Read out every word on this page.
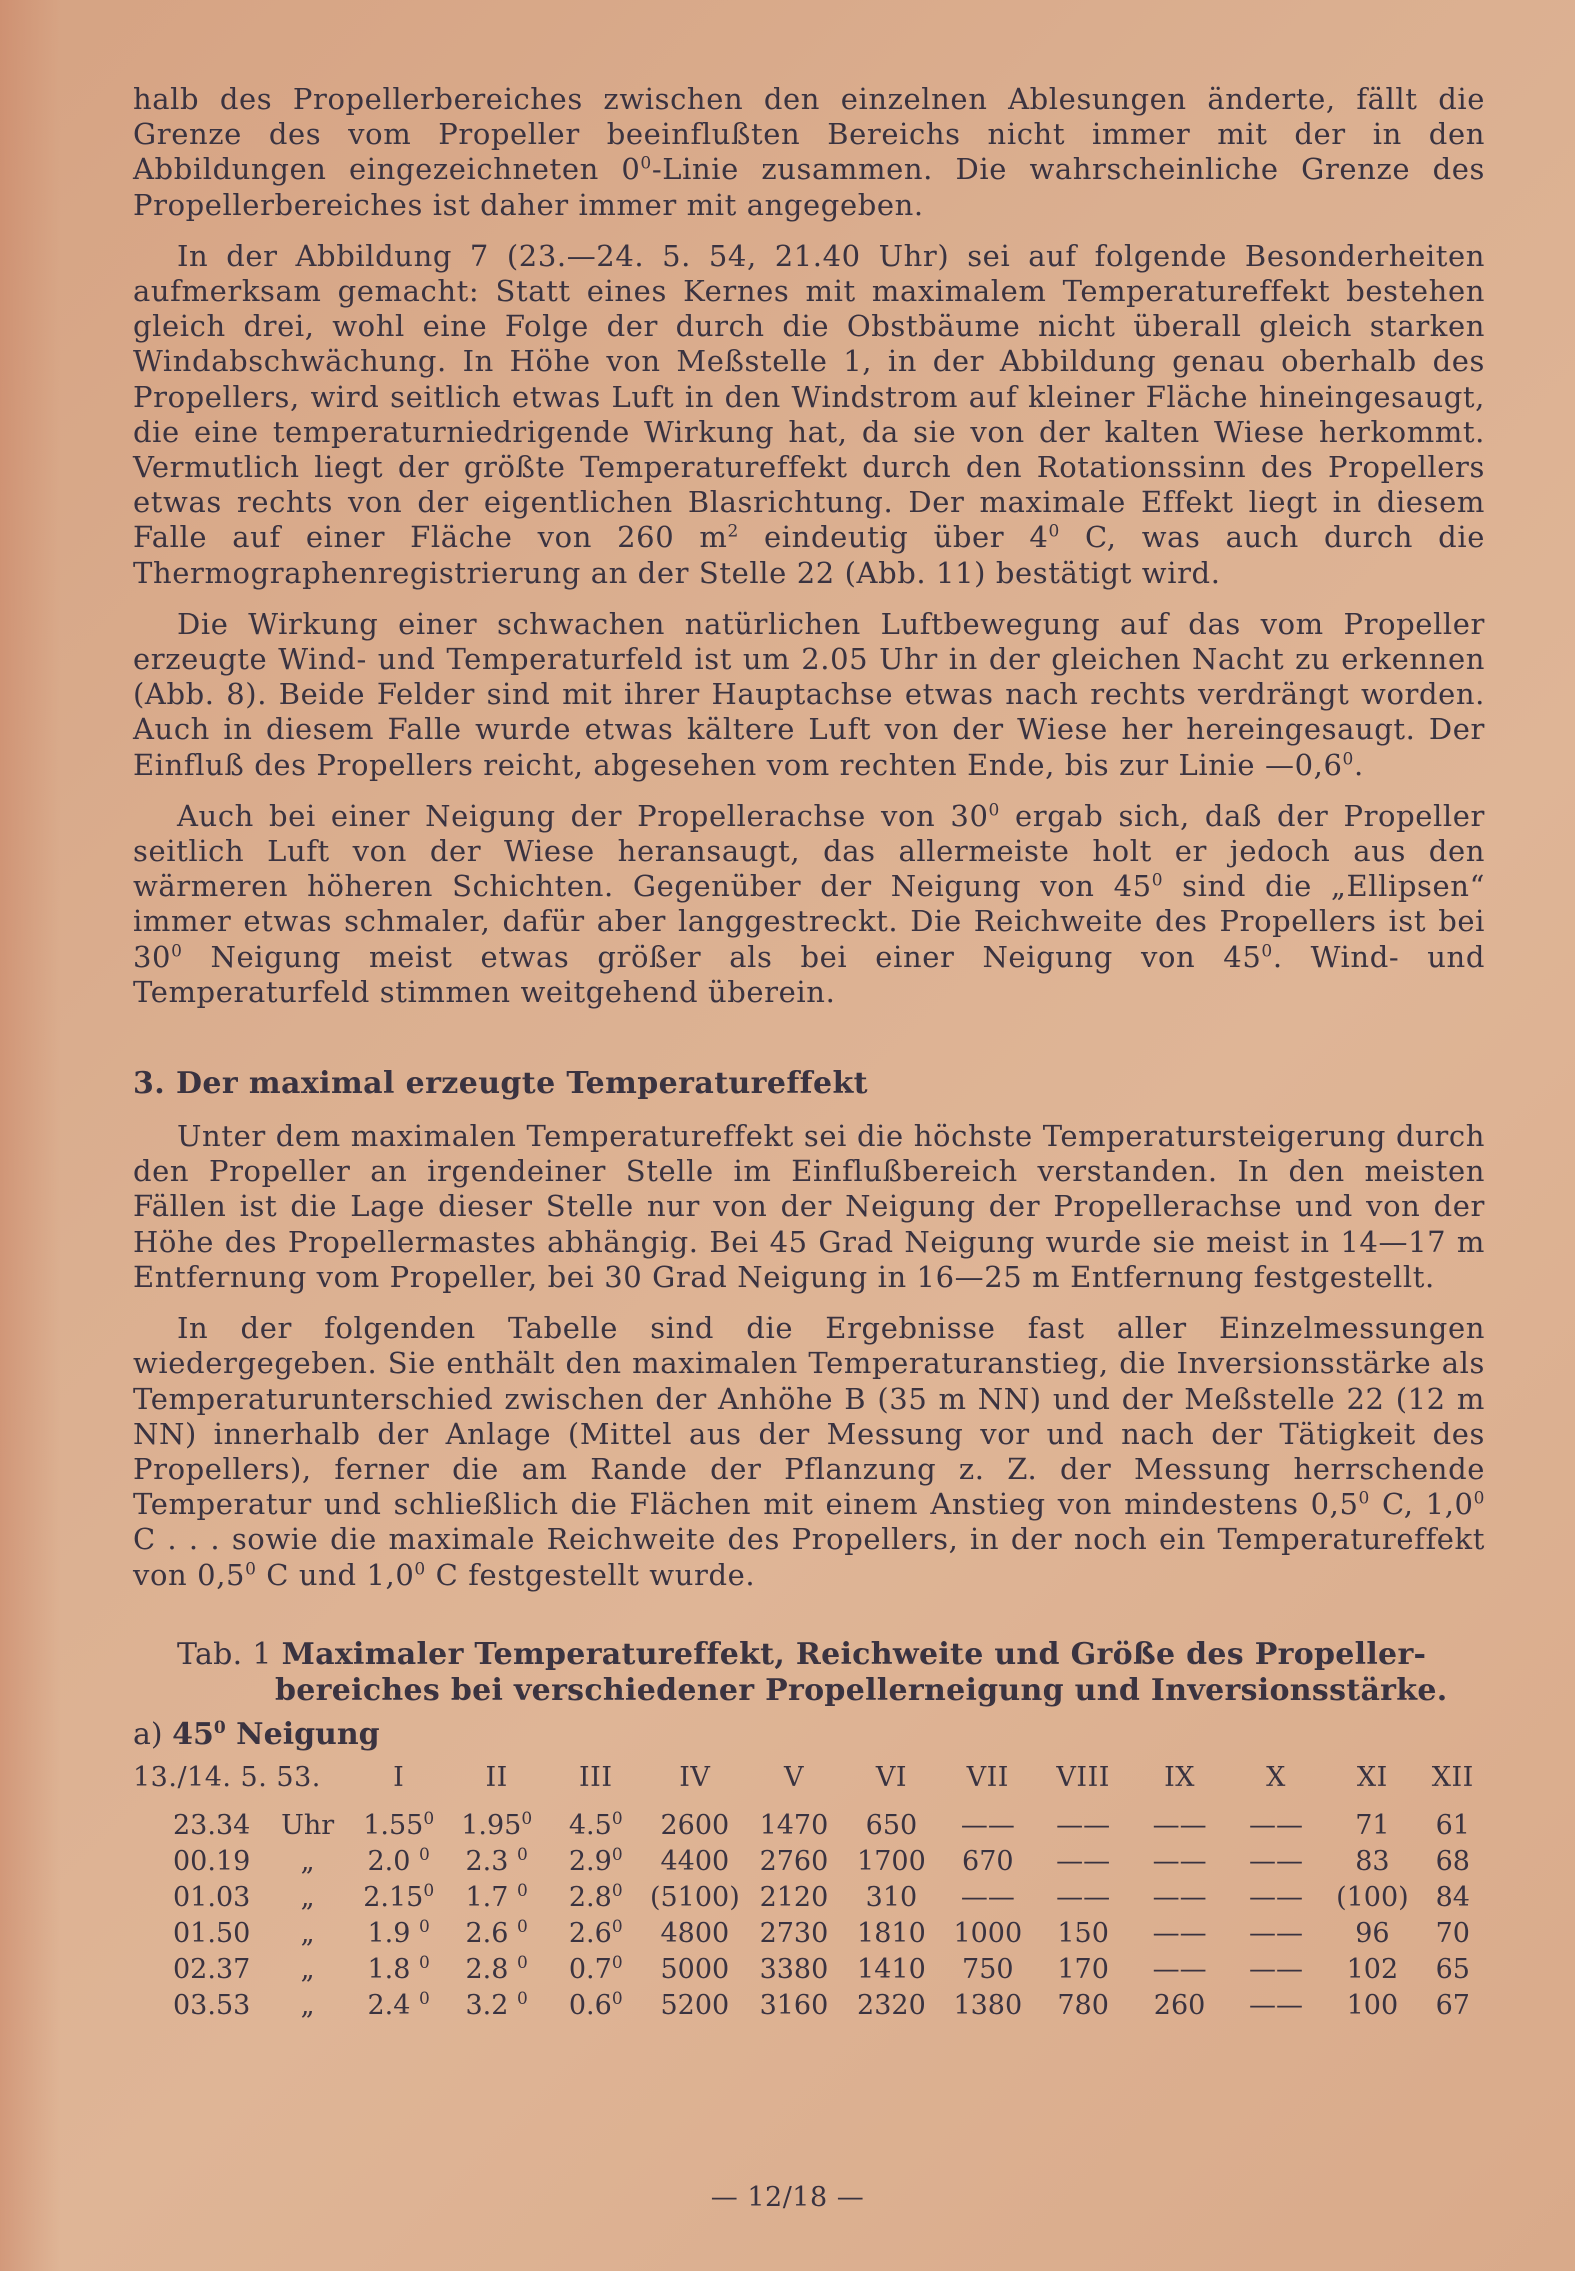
halb des Propellerbereiches zwischen den einzelnen Ablesungen änderte, fällt die Grenze des vom Propeller beeinflußten Bereichs nicht immer mit der in den Abbildungen eingezeichneten $0^0$-Linie zusammen. Die wahrscheinliche Grenze des Propellerbereiches ist daher immer mit angegeben.

In der Abbildung 7 (23.—24. 5. 54, 21.40 Uhr) sei auf folgende Besonderheiten aufmerksam gemacht: Statt eines Kernes mit maximalem Temperatureffekt bestehen gleich drei, wohl eine Folge der durch die Obstbäume nicht überall gleich starken Windabschwächung. In Höhe von Meßstelle 1, in der Abbildung genau oberhalb des Propellers, wird seitlich etwas Luft in den Windstrom auf kleiner Fläche hineingesaugt, die eine temperaturniedrigende Wirkung hat, da sie von der kalten Wiese herkommt. Vermutlich liegt der größte Temperatureffekt durch den Rotationssinn des Propellers etwas rechts von der eigentlichen Blasrichtung. Der maximale Effekt liegt in diesem Falle auf einer Fläche von 260 $m^2$ eindeutig über $4^0$ C, was auch durch die Thermographenregistrierung an der Stelle 22 (Abb. 11) bestätigt wird.

Die Wirkung einer schwachen natürlichen Luftbewegung auf das vom Propeller erzeugte Wind- und Temperaturfeld ist um 2.05 Uhr in der gleichen Nacht zu erkennen (Abb. 8). Beide Felder sind mit ihrer Hauptachse etwas nach rechts verdrängt worden. Auch in diesem Falle wurde etwas kältere Luft von der Wiese her hereingesaugt. Der Einfluß des Propellers reicht, abgesehen vom rechten Ende, bis zur Linie $—0,6^0$.

Auch bei einer Neigung der Propellerachse von $30^0$ ergab sich, daß der Propeller seitlich Luft von der Wiese heransaugt, das allermeiste holt er jedoch aus den wärmeren höheren Schichten. Gegenüber der Neigung von $45^0$ sind die „Ellipsen“ immer etwas schmaler, dafür aber langgestreckt. Die Reichweite des Propellers ist bei $30^0$ Neigung meist etwas größer als bei einer Neigung von $45^0$. Wind- und Temperaturfeld stimmen weitgehend überein.

3. Der maximal erzeugte Temperatureffekt

Unter dem maximalen Temperatureffekt sei die höchste Temperatursteigerung durch den Propeller an irgendeiner Stelle im Einflußbereich verstanden. In den meisten Fällen ist die Lage dieser Stelle nur von der Neigung der Propellerachse und von der Höhe des Propellermastes abhängig. Bei 45 Grad Neigung wurde sie meist in 14—17 m Entfernung vom Propeller, bei 30 Grad Neigung in 16—25 m Entfernung festgestellt.

In der folgenden Tabelle sind die Ergebnisse fast aller Einzelmessungen wiedergegeben. Sie enthält den maximalen Temperaturanstieg, die Inversionsstärke als Temperaturunterschied zwischen der Anhöhe B (35 m NN) und der Meßstelle 22 (12 m NN) innerhalb der Anlage (Mittel aus der Messung vor und nach der Tätigkeit des Propellers), ferner die am Rande der Pflanzung z. Z. der Messung herrschende Temperatur und schließlich die Flächen mit einem Anstieg von mindestens $0,5^0$ C, $1,0^0$ C . . . sowie die maximale Reichweite des Propellers, in der noch ein Temperatureffekt von $0,5^0$ C und $1,0^0$ C festgestellt wurde.

Tab. 1 Maximaler Temperatureffekt, Reichweite und Größe des Propeller-
bereiches bei verschiedener Propellerneigung und Inversionsstärke.
a) $45^0$ Neigung
13./14. 5. 53.		I	II	III	IV	V	VI	VII	VIII	IX	X	XI	XII
23.34	Uhr	1.55$^0$	1.95$^0$	$4.5^0$	2600	1470	650	——	——	——	——	71	61
00.19	„	2.0 $^0$	2.3 $^0$	$2.9^0$	4400	2760	1700	670	——	——	——	83	68
01.03	„	2.15$^0$	1.7 $^0$	$2.8^0$	(5100)	2120	310	——	——	——	——	(100)	84
01.50	„	1.9 $^0$	2.6 $^0$	$2.6^0$	4800	2730	1810	1000	150	——	——	96	70
02.37	„	1.8 $^0$	2.8 $^0$	$0.7^0$	5000	3380	1410	750	170	——	——	102	65
03.53	„	2.4 $^0$	3.2 $^0$	$0.6^0$	5200	3160	2320	1380	780	260	——	100	67
— 12/18 —
